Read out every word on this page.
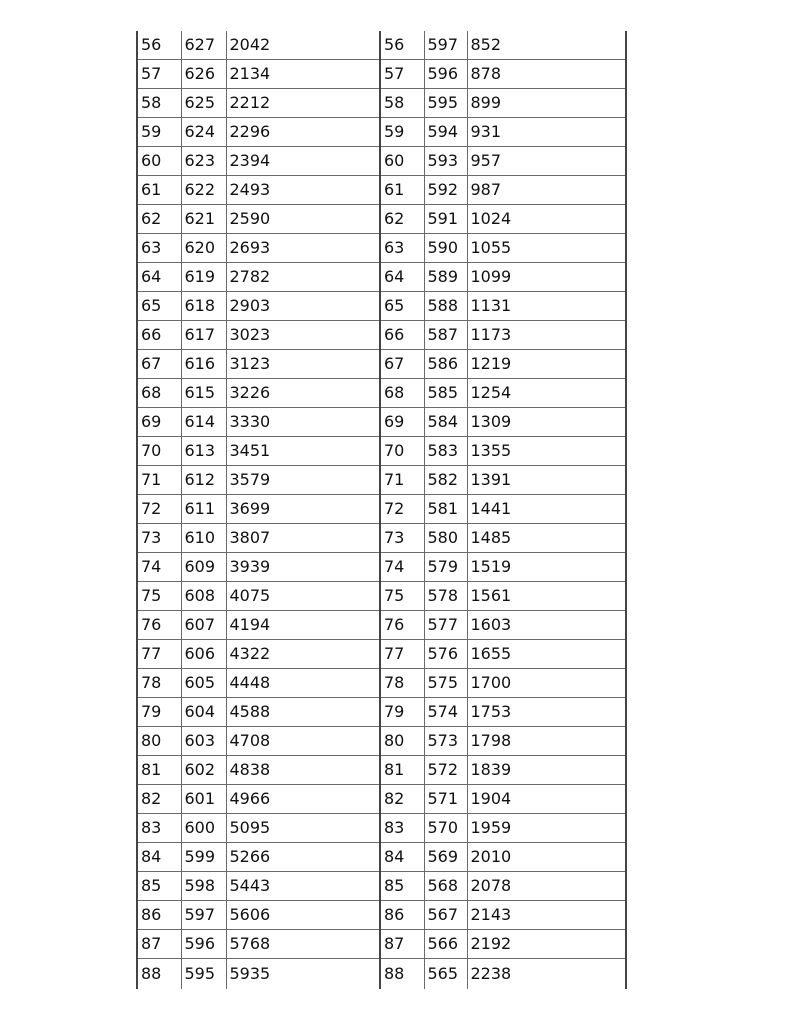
56	627	2042	56	597	852
57	626	2134	57	596	878
58	625	2212	58	595	899
59	624	2296	59	594	931
60	623	2394	60	593	957
61	622	2493	61	592	987
62	621	2590	62	591	1024
63	620	2693	63	590	1055
64	619	2782	64	589	1099
65	618	2903	65	588	1131
66	617	3023	66	587	1173
67	616	3123	67	586	1219
68	615	3226	68	585	1254
69	614	3330	69	584	1309
70	613	3451	70	583	1355
71	612	3579	71	582	1391
72	611	3699	72	581	1441
73	610	3807	73	580	1485
74	609	3939	74	579	1519
75	608	4075	75	578	1561
76	607	4194	76	577	1603
77	606	4322	77	576	1655
78	605	4448	78	575	1700
79	604	4588	79	574	1753
80	603	4708	80	573	1798
81	602	4838	81	572	1839
82	601	4966	82	571	1904
83	600	5095	83	570	1959
84	599	5266	84	569	2010
85	598	5443	85	568	2078
86	597	5606	86	567	2143
87	596	5768	87	566	2192
88	595	5935	88	565	2238
